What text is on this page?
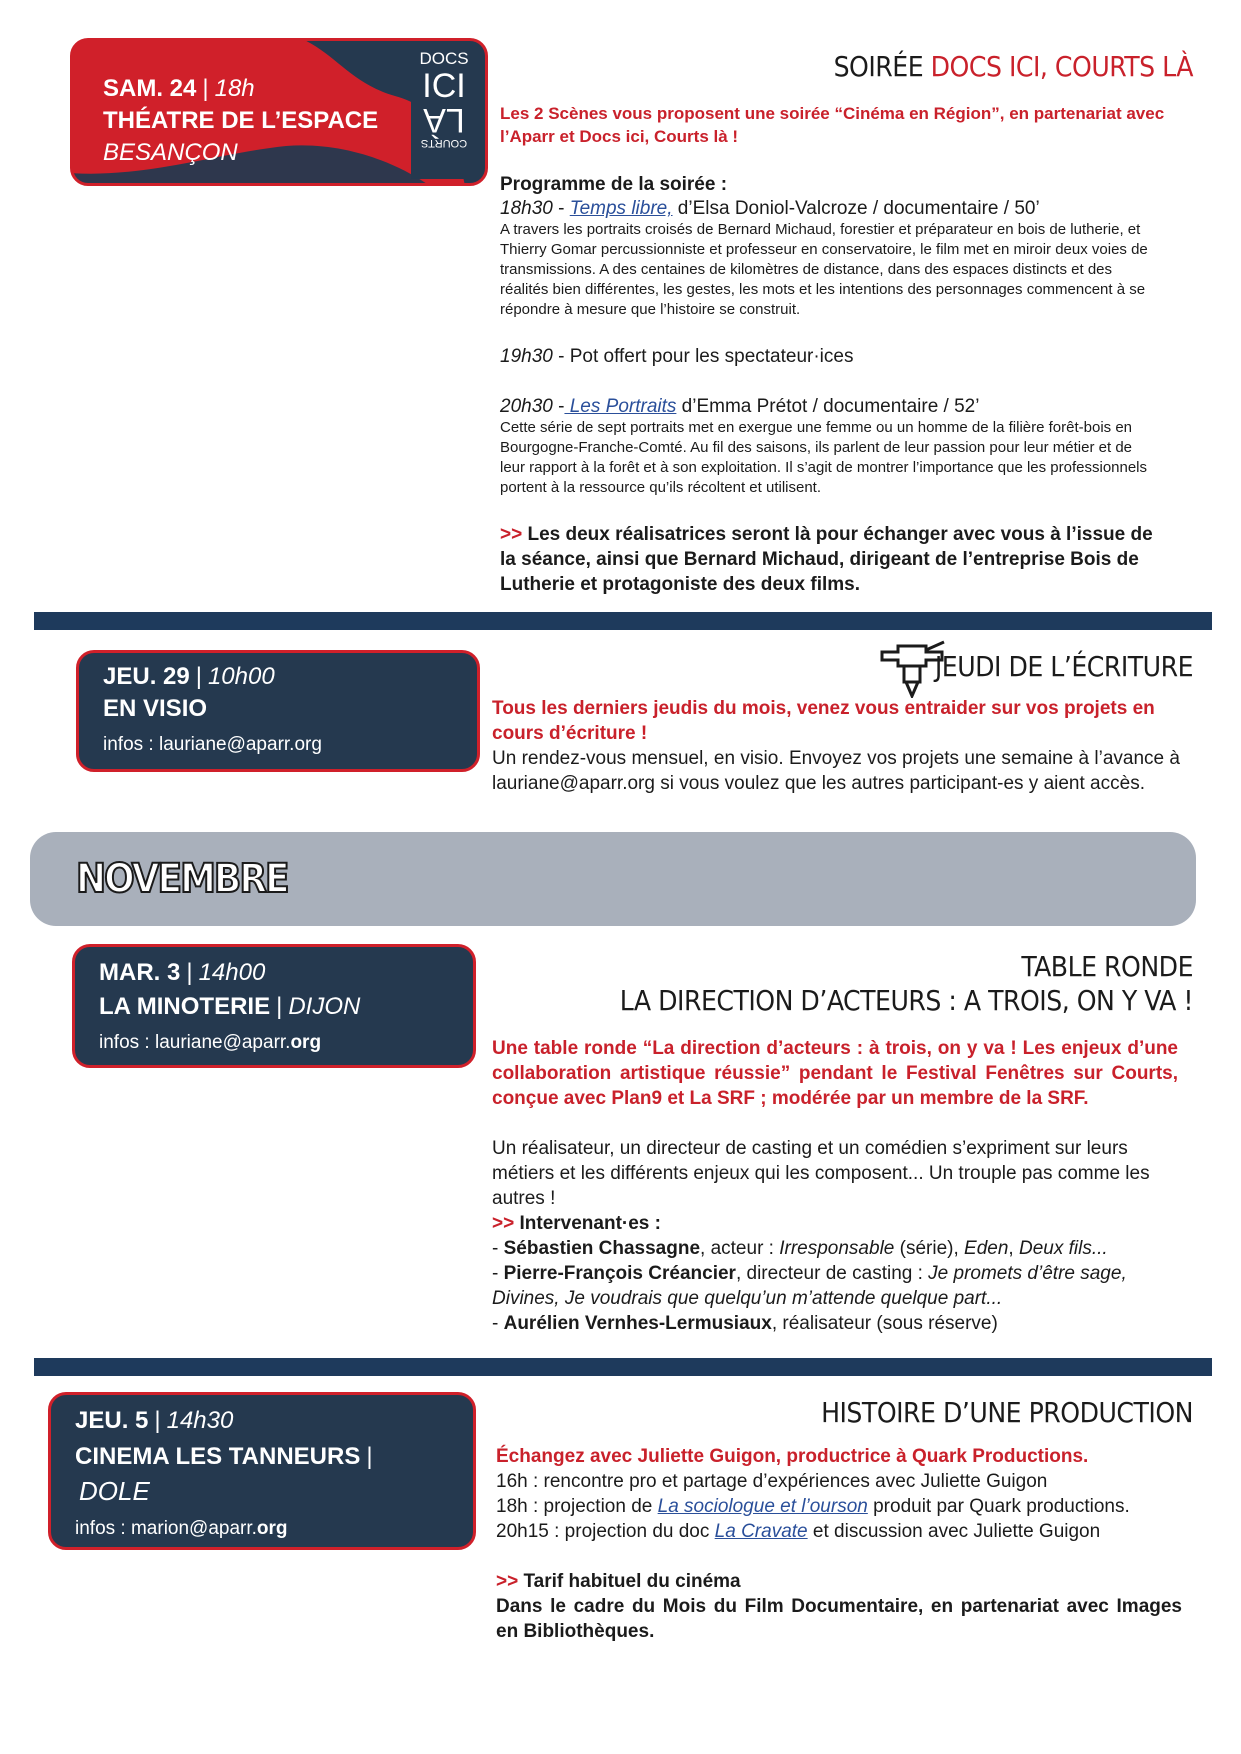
SAM. 24 | 18h
THÉATRE DE L’ESPACE
BESANÇON
DOCS
ICI
LÀ
COURTS
SOIRÉE DOCS ICI, COURTS LÀ
Les 2 Scènes vous proposent une soirée “Cinéma en Région”, en partenariat avec l’Aparr et Docs ici, Courts là !
Programme de la soirée :
18h30 - Temps libre, d’Elsa Doniol-Valcroze / documentaire / 50’
A travers les portraits croisés de Bernard Michaud, forestier et préparateur en bois de lutherie, et Thierry Gomar percussionniste et professeur en conservatoire, le film met en miroir deux voies de transmissions. A des centaines de kilomètres de distance, dans des espaces distincts et des réalités bien différentes, les gestes, les mots et les intentions des personnages commencent à se répondre à mesure que l’histoire se construit.
19h30 - Pot offert pour les spectateur·ices
20h30 - Les Portraits d’Emma Prétot / documentaire / 52’
Cette série de sept portraits met en exergue une femme ou un homme de la filière forêt-bois en Bourgogne-Franche-Comté. Au fil des saisons, ils parlent de leur passion pour leur métier et de leur rapport à la forêt et à son exploitation. Il s’agit de montrer l’importance que les professionnels portent à la ressource qu’ils récoltent et utilisent.
>> Les deux réalisatrices seront là pour échanger avec vous à l’issue de la séance, ainsi que Bernard Michaud, dirigeant de l’entreprise Bois de Lutherie et protagoniste des deux films.
JEU. 29 | 10h00
EN VISIO
infos : lauriane@aparr.org
JEUDI DE L’ÉCRITURE
Tous les derniers jeudis du mois, venez vous entraider sur vos projets en cours d’écriture !
Un rendez-vous mensuel, en visio. Envoyez vos projets une semaine à l’avance à lauriane@aparr.org si vous voulez que les autres participant-es y aient accès.
NOVEMBRE
MAR. 3 | 14h00
LA MINOTERIE | DIJON
infos : lauriane@aparr.org
TABLE RONDE
LA DIRECTION D’ACTEURS : A TROIS, ON Y VA !
Une table ronde “La direction d’acteurs : à trois, on y va ! Les enjeux d’une collaboration artistique réussie” pendant le Festival Fenêtres sur Courts, conçue avec Plan9 et La SRF ; modérée par un membre de la SRF.
Un réalisateur, un directeur de casting et un comédien s’expriment sur leurs métiers et les différents enjeux qui les composent... Un trouple pas comme les autres !
>> Intervenant·es :
- Sébastien Chassagne, acteur : Irresponsable (série), Eden, Deux fils...
- Pierre-François Créancier, directeur de casting : Je promets d’être sage,
Divines, Je voudrais que quelqu’un m’attende quelque part...
- Aurélien Vernhes-Lermusiaux, réalisateur (sous réserve)
JEU. 5 | 14h30
CINEMA LES TANNEURS |
DOLE
infos : marion@aparr.org
HISTOIRE D’UNE PRODUCTION
Échangez avec Juliette Guigon, productrice à Quark Productions.
16h : rencontre pro et partage d’expériences avec Juliette Guigon
18h : projection de La sociologue et l’ourson produit par Quark productions.
20h15 : projection du doc La Cravate et discussion avec Juliette Guigon
>> Tarif habituel du cinéma
Dans le cadre du Mois du Film Documentaire, en partenariat avec Images en Bibliothèques.
